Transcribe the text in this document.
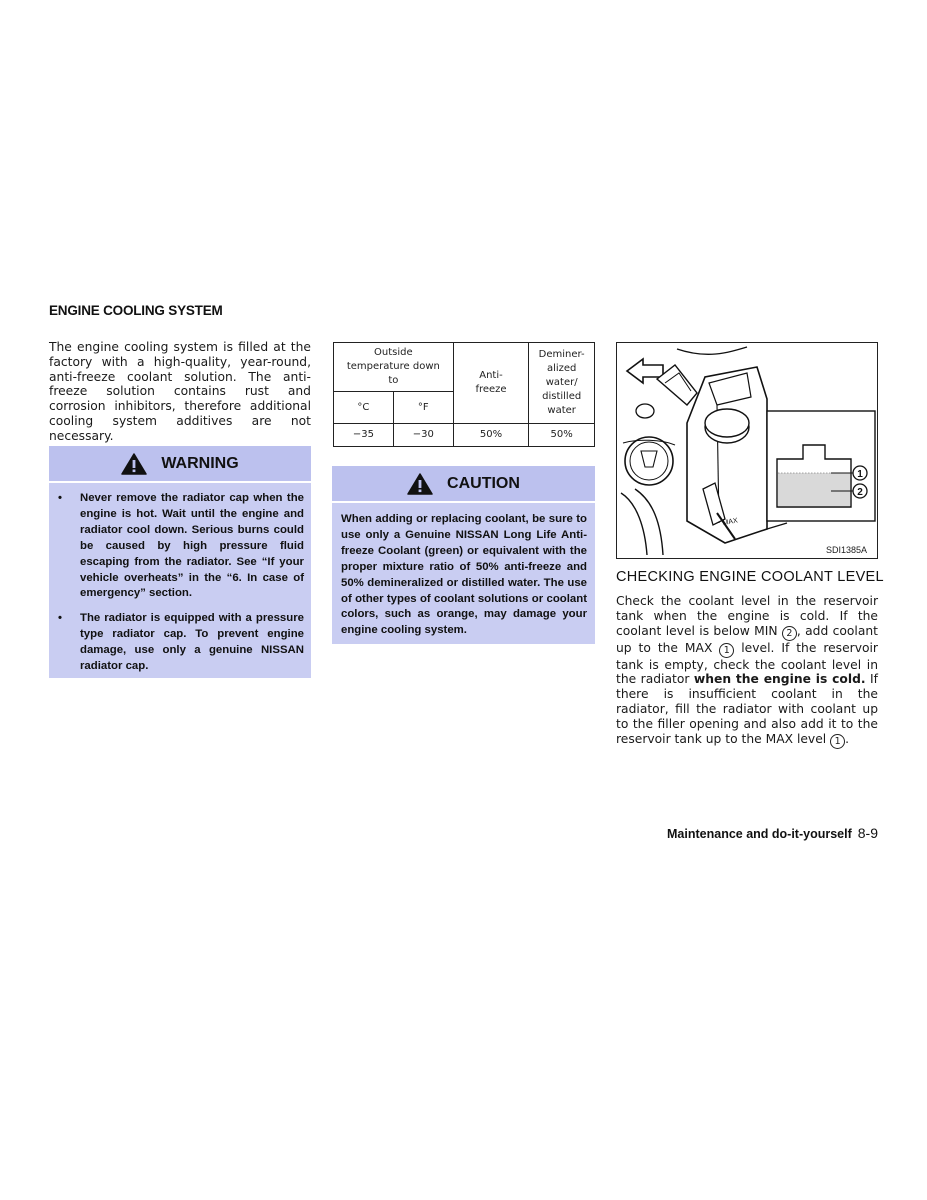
ENGINE COOLING SYSTEM
The engine cooling system is filled at the factory with a high-quality, year-round, anti-freeze coolant solution. The anti-freeze solution contains rust and corrosion inhibitors, therefore additional cooling system additives are not necessary.
WARNING
• Never remove the radiator cap when the engine is hot. Wait until the engine and radiator cool down. Serious burns could be caused by high pressure fluid escaping from the radiator. See “If your vehicle overheats” in the “6. In case of emergency” section.
• The radiator is equipped with a pressure type radiator cap. To prevent engine damage, use only a genuine NISSAN radiator cap.
Outside temperature down to		Anti-freeze	Deminer-alized water/ distilled water
°C	°F		
−35	−30	50%	50%
CAUTION
When adding or replacing coolant, be sure to use only a Genuine NISSAN Long Life Anti-freeze Coolant (green) or equivalent with the proper mixture ratio of 50% anti-freeze and 50% demineralized or distilled water. The use of other types of coolant solutions or coolant colors, such as orange, may damage your engine cooling system.
MAX
1
2
SDI1385A
CHECKING ENGINE COOLANT LEVEL
Check the coolant level in the reservoir tank when the engine is cold. If the coolant level is below MIN 2 , add coolant up to the MAX 1 level. If the reservoir tank is empty, check the coolant level in the radiator when the engine is cold. If there is insufficient coolant in the radiator, fill the radiator with coolant up to the filler opening and also add it to the reservoir tank up to the MAX level 1 .
Maintenance and do-it-yourself 8-9
